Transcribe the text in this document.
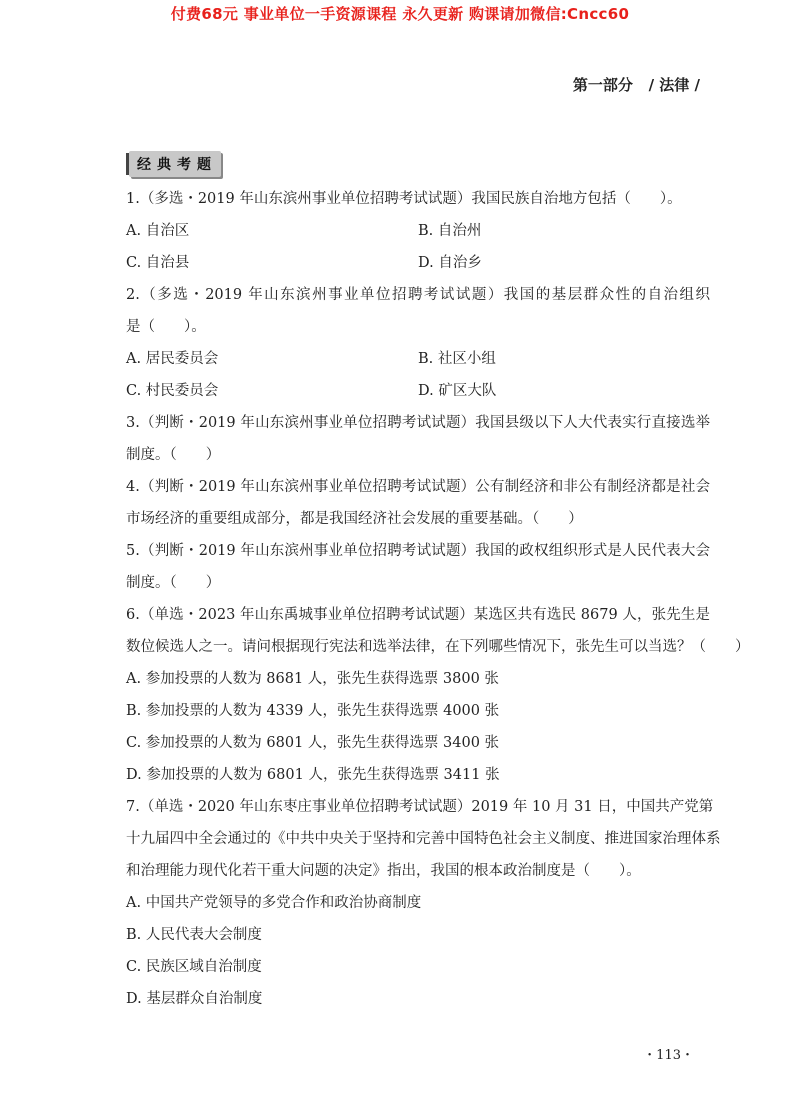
付费68元 事业单位一手资源课程 永久更新 购课请加微信:Cncc60
第一部分 / 法律 /
经典考题
1.（多选・2019 年山东滨州事业单位招聘考试试题）我国民族自治地方包括（　　）。
A. 自治区	B. 自治州
C. 自治县	D. 自治乡
2.（多选・2019 年山东滨州事业单位招聘考试试题）我国的基层群众性的自治组织
是（　　）。
A. 居民委员会	B. 社区小组
C. 村民委员会	D. 矿区大队
3.（判断・2019 年山东滨州事业单位招聘考试试题）我国县级以下人大代表实行直接选举
制度。（　　）
4.（判断・2019 年山东滨州事业单位招聘考试试题）公有制经济和非公有制经济都是社会
市场经济的重要组成部分，都是我国经济社会发展的重要基础。（　　）
5.（判断・2019 年山东滨州事业单位招聘考试试题）我国的政权组织形式是人民代表大会
制度。（　　）
6.（单选・2023 年山东禹城事业单位招聘考试试题）某选区共有选民 8679 人，张先生是
数位候选人之一。请问根据现行宪法和选举法律，在下列哪些情况下，张先生可以当选？（　　）
A. 参加投票的人数为 8681 人，张先生获得选票 3800 张
B. 参加投票的人数为 4339 人，张先生获得选票 4000 张
C. 参加投票的人数为 6801 人，张先生获得选票 3400 张
D. 参加投票的人数为 6801 人，张先生获得选票 3411 张
7.（单选・2020 年山东枣庄事业单位招聘考试试题）2019 年 10 月 31 日，中国共产党第
十九届四中全会通过的《中共中央关于坚持和完善中国特色社会主义制度、推进国家治理体系
和治理能力现代化若干重大问题的决定》指出，我国的根本政治制度是（　　）。
A. 中国共产党领导的多党合作和政治协商制度
B. 人民代表大会制度
C. 民族区域自治制度
D. 基层群众自治制度
・113・
